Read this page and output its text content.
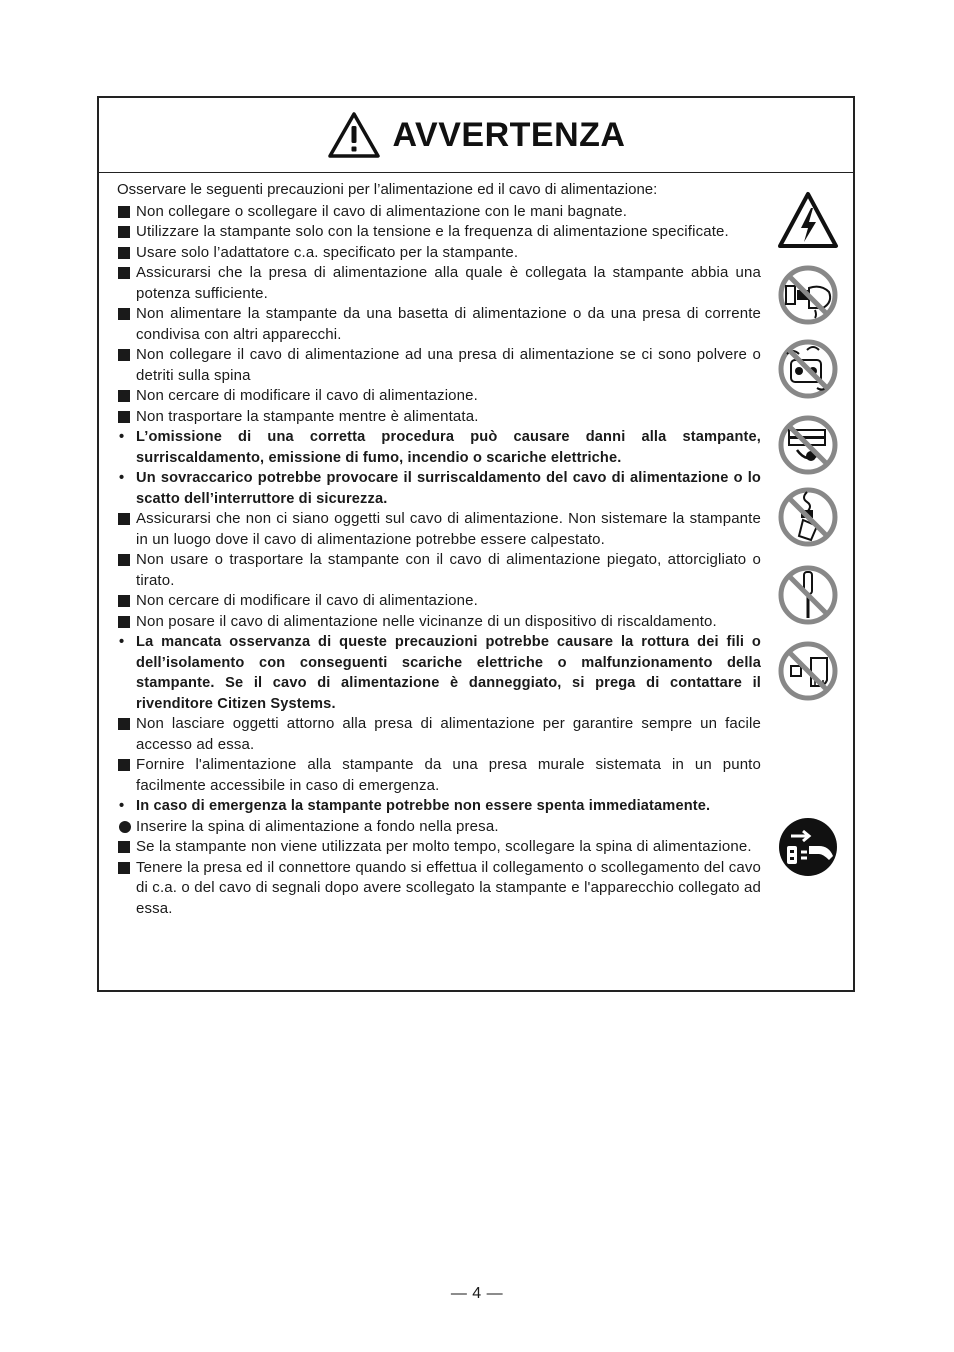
AVVERTENZA

Osservare le seguenti precauzioni per l’alimentazione ed il cavo di alimentazione:

Non collegare o scollegare il cavo di alimentazione con le mani bagnate.
Utilizzare la stampante solo con la tensione e la frequenza di alimentazione specificate.
Usare solo l’adattatore c.a. specificato per la stampante.
Assicurarsi che la presa di alimentazione alla quale è collegata la stampante abbia una potenza sufficiente.
Non alimentare la stampante da una basetta di alimentazione o da una presa di corrente condivisa con altri apparecchi.
Non collegare il cavo di alimentazione ad una presa di alimentazione se ci sono polvere o detriti sulla spina
Non cercare di modificare il cavo di alimentazione.
Non trasportare la stampante mentre è alimentata.
L’omissione di una corretta procedura può causare danni alla stampante, surriscaldamento, emissione di fumo, incendio o scariche elettriche.
Un sovraccarico potrebbe provocare il surriscaldamento del cavo di alimentazione o lo scatto dell’interruttore di sicurezza.
Assicurarsi che non ci siano oggetti sul cavo di alimentazione. Non sistemare la stampante in un luogo dove il cavo di alimentazione potrebbe essere calpestato.
Non usare o trasportare la stampante con il cavo di alimentazione piegato, attorcigliato o tirato.
Non cercare di modificare il cavo di alimentazione.
Non posare il cavo di alimentazione nelle vicinanze di un dispositivo di riscaldamento.
La mancata osservanza di queste precauzioni potrebbe causare la rottura dei fili o dell’isolamento con conseguenti scariche elettriche o malfunzionamento della stampante. Se il cavo di alimentazione è danneggiato, si prega di contattare il rivenditore Citizen Systems.
Non lasciare oggetti attorno alla presa di alimentazione per garantire sempre un facile accesso ad essa.
Fornire l'alimentazione alla stampante da una presa murale sistemata in un punto facilmente accessibile in caso di emergenza.
In caso di emergenza la stampante potrebbe non essere spenta immediatamente.
Inserire la spina di alimentazione a fondo nella presa.
Se la stampante non viene utilizzata per molto tempo, scollegare la spina di alimentazione.
Tenere la presa ed il connettore quando si effettua il collegamento o scollegamento del cavo di c.a. o del cavo di segnali dopo avere scollegato la stampante e l'apparecchio collegato ad essa.
— 4 —
